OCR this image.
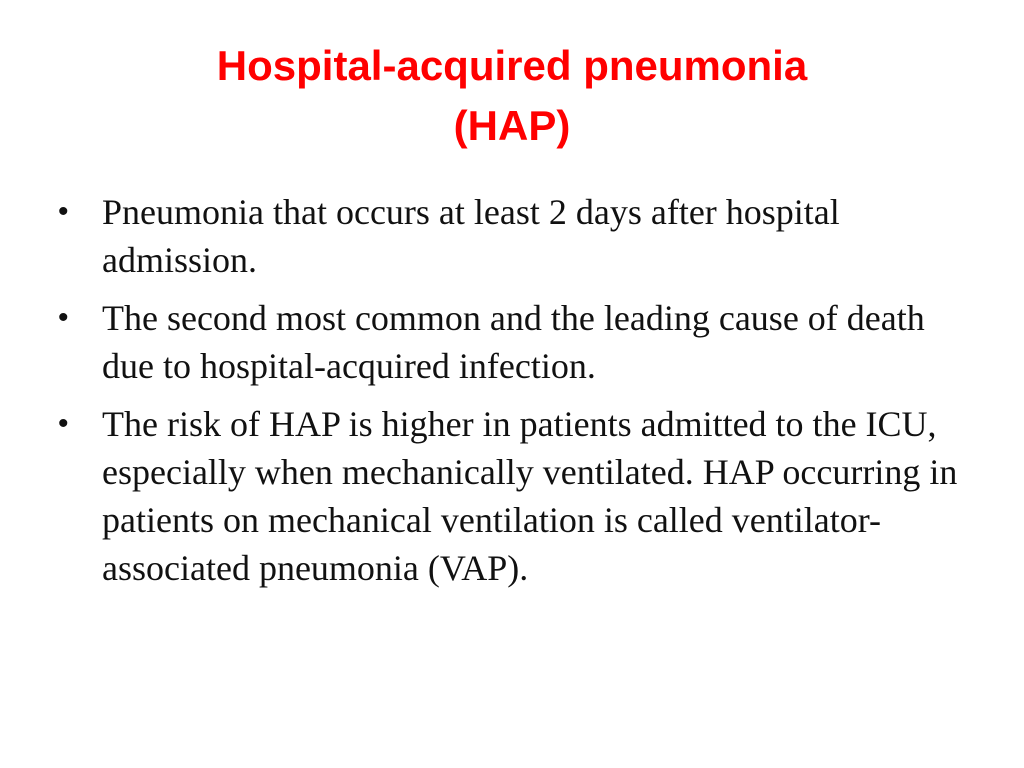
Hospital-acquired pneumonia
(HAP)
• Pneumonia that occurs at least 2 days after hospital admission.
• The second most common and the leading cause of death due to hospital-acquired infection.
• The risk of HAP is higher in patients admitted to the ICU, especially when mechanically ventilated. HAP occurring in patients on mechanical ventilation is called ventilator-associated pneumonia (VAP).
